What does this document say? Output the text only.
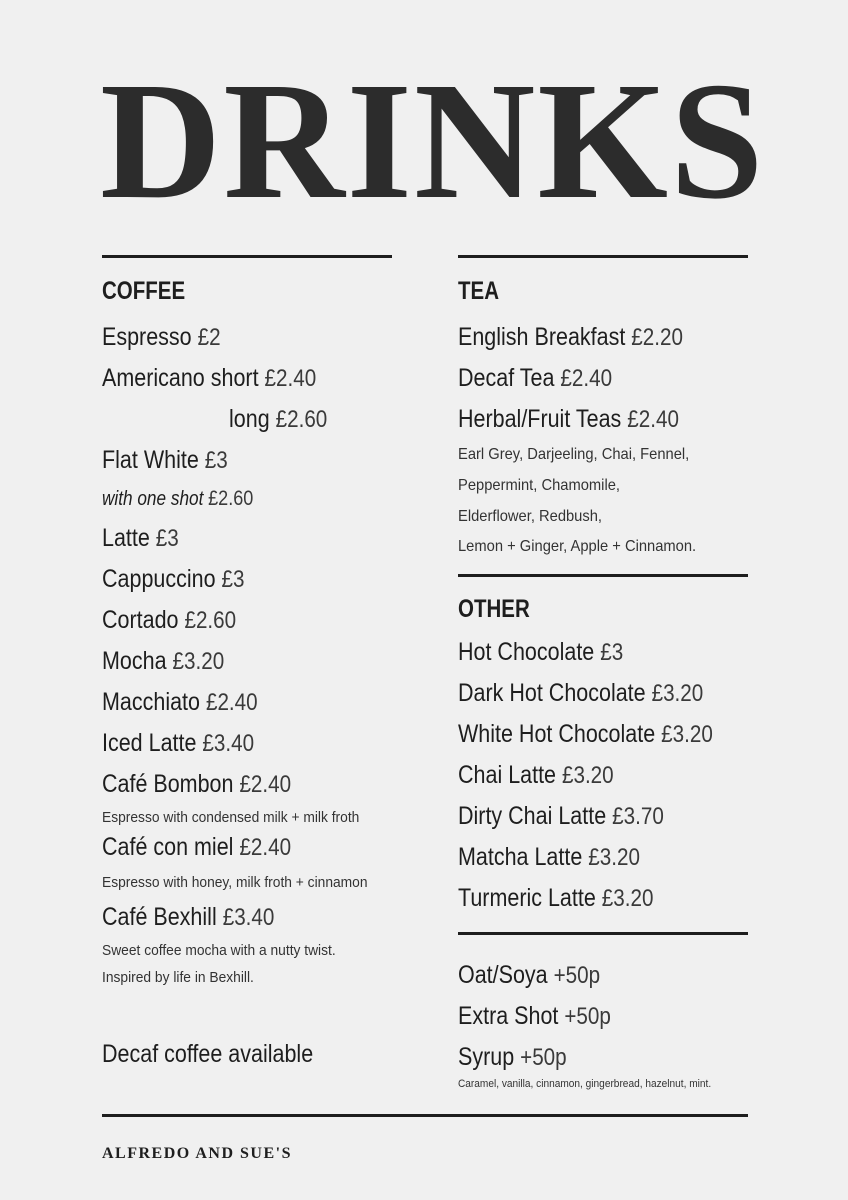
DRINKS
COFFEE
Espresso £2
Americano short £2.40
long £2.60
Flat White £3
with one shot £2.60
Latte £3
Cappuccino £3
Cortado £2.60
Mocha £3.20
Macchiato £2.40
Iced Latte £3.40
Café Bombon £2.40
Espresso with condensed milk + milk froth
Café con miel £2.40
Espresso with honey, milk froth + cinnamon
Café Bexhill £3.40
Sweet coffee mocha with a nutty twist.
Inspired by life in Bexhill.
Decaf coffee available
TEA
English Breakfast £2.20
Decaf Tea £2.40
Herbal/Fruit Teas £2.40
Earl Grey, Darjeeling, Chai, Fennel,
Peppermint, Chamomile,
Elderflower, Redbush,
Lemon + Ginger, Apple + Cinnamon.
OTHER
Hot Chocolate £3
Dark Hot Chocolate £3.20
White Hot Chocolate £3.20
Chai Latte £3.20
Dirty Chai Latte £3.70
Matcha Latte £3.20
Turmeric Latte £3.20
Oat/Soya +50p
Extra Shot +50p
Syrup +50p
Caramel, vanilla, cinnamon, gingerbread, hazelnut, mint.
ALFREDO AND SUE'S
